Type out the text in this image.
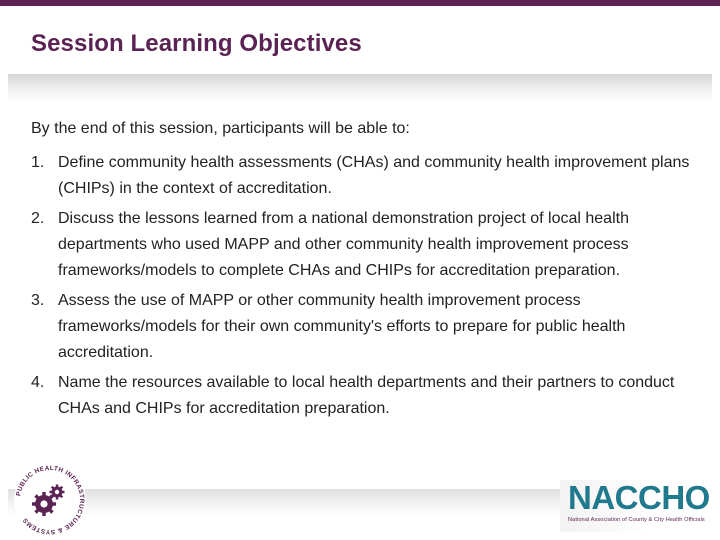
Session Learning Objectives

By the end of this session, participants will be able to:

1. Define community health assessments (CHAs) and community health improvement plans (CHIPs) in the context of accreditation.
2. Discuss the lessons learned from a national demonstration project of local health departments who used MAPP and other community health improvement process frameworks/models to complete CHAs and CHIPs for accreditation preparation.
3. Assess the use of MAPP or other community health improvement process frameworks/models for their own community's efforts to prepare for public health accreditation.
4. Name the resources available to local health departments and their partners to conduct CHAs and CHIPs for accreditation preparation.
PUBLIC HEALTH INFRASTRUCTURE & SYSTEMS
NACCHO
National Association of County & City Health Officials
